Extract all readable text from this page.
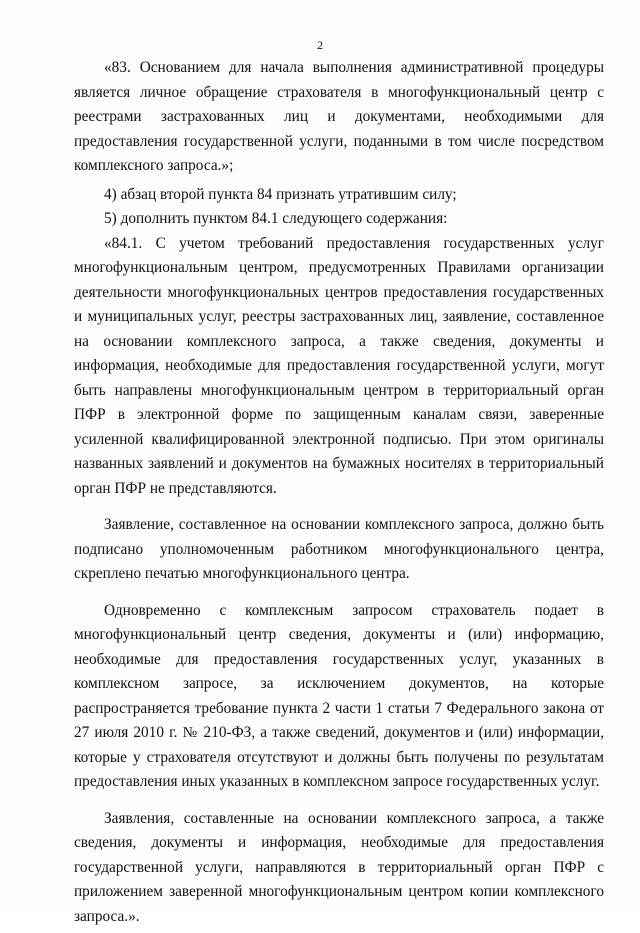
2

«83. Основанием для начала выполнения административной процедуры является личное обращение страхователя в многофункциональный центр с реестрами застрахованных лиц и документами, необходимыми для предоставления государственной услуги, поданными в том числе посредством комплексного запроса.»;

4) абзац второй пункта 84 признать утратившим силу;

5) дополнить пунктом 84.1 следующего содержания:

«84.1. С учетом требований предоставления государственных услуг многофункциональным центром, предусмотренных Правилами организации деятельности многофункциональных центров предоставления государственных и муниципальных услуг, реестры застрахованных лиц, заявление, составленное на основании комплексного запроса, а также сведения, документы и информация, необходимые для предоставления государственной услуги, могут быть направлены многофункциональным центром в территориальный орган ПФР в электронной форме по защищенным каналам связи, заверенные усиленной квалифицированной электронной подписью. При этом оригиналы названных заявлений и документов на бумажных носителях в территориальный орган ПФР не представляются.

Заявление, составленное на основании комплексного запроса, должно быть подписано уполномоченным работником многофункционального центра, скреплено печатью многофункционального центра.

Одновременно с комплексным запросом страхователь подает в многофункциональный центр сведения, документы и (или) информацию, необходимые для предоставления государственных услуг, указанных в комплексном запросе, за исключением документов, на которые распространяется требование пункта 2 части 1 статьи 7 Федерального закона от 27 июля 2010 г. № 210-ФЗ, а также сведений, документов и (или) информации, которые у страхователя отсутствуют и должны быть получены по результатам предоставления иных указанных в комплексном запросе государственных услуг.

Заявления, составленные на основании комплексного запроса, а также сведения, документы и информация, необходимые для предоставления государственной услуги, направляются в территориальный орган ПФР с приложением заверенной многофункциональным центром копии комплексного запроса.».
